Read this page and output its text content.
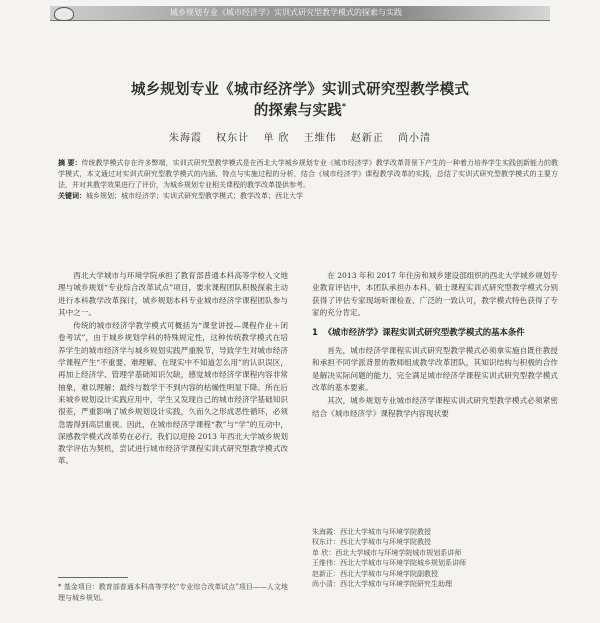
城乡规划专业《城市经济学》实训式研究型教学模式的探索与实践
城乡规划专业《城市经济学》实训式研究型教学模式
的探索与实践*
朱海霞 权东计 单 欣 王维伟 赵新正 尚小清
摘 要：传统教学模式存在许多弊端，实训式研究型教学模式是在西北大学城乡规划专业《城市经济学》教学改革背景下产生的一种着力培养学生实践创新能力的教学模式，本文通过对实训式研究型教学模式的内涵、特点与实施过程的分析，结合《城市经济学》课程教学改革的实践，总结了实训式研究型教学模式的主要方法，并对其教学效果进行了评价，为城乡规划专业相关课程的教学改革提供参考。
关键词：城乡规划；城市经济学；实训式研究型教学模式；教学改革；西北大学

西北大学城市与环境学院承担了教育部普通本科高等学校人文地理与城乡规划“专业综合改革试点”项目，要求课程团队积极探索主动进行本科教学改革探讨，城乡规划本科专业城市经济学课程团队参与其中之一。

传统的城市经济学教学模式可概括为“课堂讲授—课程作业＋闭卷考试”，由于城乡规划学科的特殊规定性，这种传统教学模式在培养学生的城市经济学与城乡规划实践严重脱节，导致学生对城市经济学课程产生“不重要、难理解、在现实中不知道怎么用”的认识误区，再加上经济学、管理学基础知识欠缺，感觉城市经济学课程内容非常抽象，难以理解；最终与数学干不到内容的枯燥性明显下降。所在后来城乡规划设计实践应用中，学生又发现自己的城市经济学基础知识很差，严重影响了城乡规划设计实践，久而久之形成恶性循环，必须急需得到高层重视。因此，在城市经济学课程“教”与“学”的互动中，深感教学模式改革势在必行。我们以迎接 2013 年西北大学城乡规划教学评估为契机，尝试进行城市经济学课程实训式研究型教学模式改革。

在 2013 年和 2017 年住房和城乡建设部组织的西北大学城乡规划专业教育评估中，本团队承担办本科、硕士课程实训式研究型教学模式分别获得了评估专家现场听课检查、广泛的一致认可，教学模式特色获得了专家的充分肯定。

1 《城市经济学》课程实训式研究型教学模式的基本条件

首先，城市经济学课程实训式研究型教学模式必须拿实施自既往教授和承担不同学派背景的教师组成教学改革团队，其知识结构与积极的合作是解决实际问题的能力，完全满足城市经济学课程实训式研究型教学模式改革的基本要素。

其次，城乡规划专业城市经济学课程实训式研究型教学模式必须紧密结合《城市经济学》课程教学内容现状要

朱海霞：西北大学城市与环境学院教授
权东计：西北大学城市与环境学院教授
单 欣：西北大学城市与环境学院城市规划系讲师
王维伟：西北大学城市与环境学院城乡规划系讲师
赵新正：西北大学城市与环境学院副教授
尚小清：西北大学城市与环境学院研究生助理
* 基金项目：教育部普通本科高等学校“专业综合改革试点”项目——人文地理与城乡规划。
